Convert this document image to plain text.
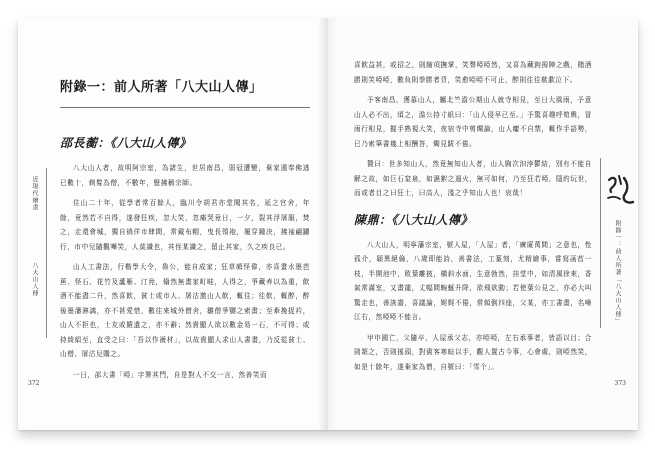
近現代繪畫
八大山人傳
372
附錄一：前人所著「八大山人傳」
邵長蘅：《八大山人傳》

八大山人者，故明阿宗室，為諸生，世居南昌，弱冠遭變，棄家遁奉佛逃已數十，剃髮為僧，不數年，豎拂稱宗師。

住山二十年，從學者常百餘人，臨川令胡君亦堂聞其名，延之官舍，年餘，竟然若不自得，遂發狂疾，忽大笑，忽痛哭竟日，一夕，裂其浮屠服，焚之，走還會城，獨自徜徉市肆間，常戴布帽，曳長領袍，履穿踵決，拂袖翩躚行，市中兒隨觀嘩笑，人莫識也，其侄某識之，留止其家，久之疾良已。

山人工書法，行楷學大令，魯公，能自成家；狂草頗怪偉，亦喜畫水墨芭蕉、怪石、花竹及蘆雁、汀鳧，翛然無畫家町畦，人得之，爭藏弆以為重，飲酒不能盡二升，然喜飲，貧士或市人、屠沽邀山人飲，輒往；往飲，輒醉，醉後墨瀋淋漓，亦不甚愛惜，數往來城外僧舍，雛僧爭嬲之索畫；至牽挽捉衿，山人不拒也，士友或饋遺之，亦不辭；然貴顯人欲以數金易一石，不可得；或持綾絹至，直受之曰：「吾以作襪材」，以故貴顯人求山人書畫，乃反從貧士、山僧、屠沽兒購之。

一日，邵大書「啞」字署其門，自是對人不交一言，然善笑而

喜飲益甚，或招之，則縮項撫掌，笑聲啞啞然，又喜為藏鉤拇陣之戲，賭酒勝則笑啞啞，數負則拳勝者背，笑愈啞啞不可止，醉則往往欷歔泣下。

予客南昌，獲慕山人，屬北竺澹公期山人就寺相見，至日大風雨，予意山人必不出，頃之，澹公持寸紙曰：「山人侵早已至。」予驚喜趣呼筍輿，冒雨行相見，握手熟視大笑，夜宿寺中剪燭論，山人癯不自禁，輒作手語勢，已乃索筆書幾上相酬答，燭見跋不倦。

贊曰：世多知山人，然竟無知山人者，山人胸次汩浡鬱結，別有不能自解之故，如巨石窒泉，如濕絮之遏火，無可如何，乃至狂若啞，隱約玩世，而或者目之曰狂士，曰高人，淺之乎知山人也！哀哉！

陳鼎：《八大山人傳》

八大山人，明寧藩宗室，號人屋，「人屋」者，「廣廈萬間」之意也，性孤介，穎異絕倫，八歲即能詩，善書法，工篆刻，尤精繪事，嘗寫菡萏一枝，半開池中，敗葉離披，橫斜水面，生意勃然，挂堂中，如清風徐來，香氣常滿室，又畫龍，丈幅間蜿蜒升降，欲飛欲動；若使葉公見之，亦必大叫驚走也，善詼諧，喜議論，娓娓不倦，常傾倒四座，父某，亦工書畫，名噪江右，然啞啞不能言。

甲申國亡，父隨卒，人屋承父志，亦啞啞，左右承事者，皆語以目；合則頷之，否則搖頭，對賓客寒暄以手，觀人置古今事，心會處，則啞然笑，如是十餘年，遂棄家為僧，自號曰：「雪个」。

附錄一：前人所著「八大山人傳」
373
